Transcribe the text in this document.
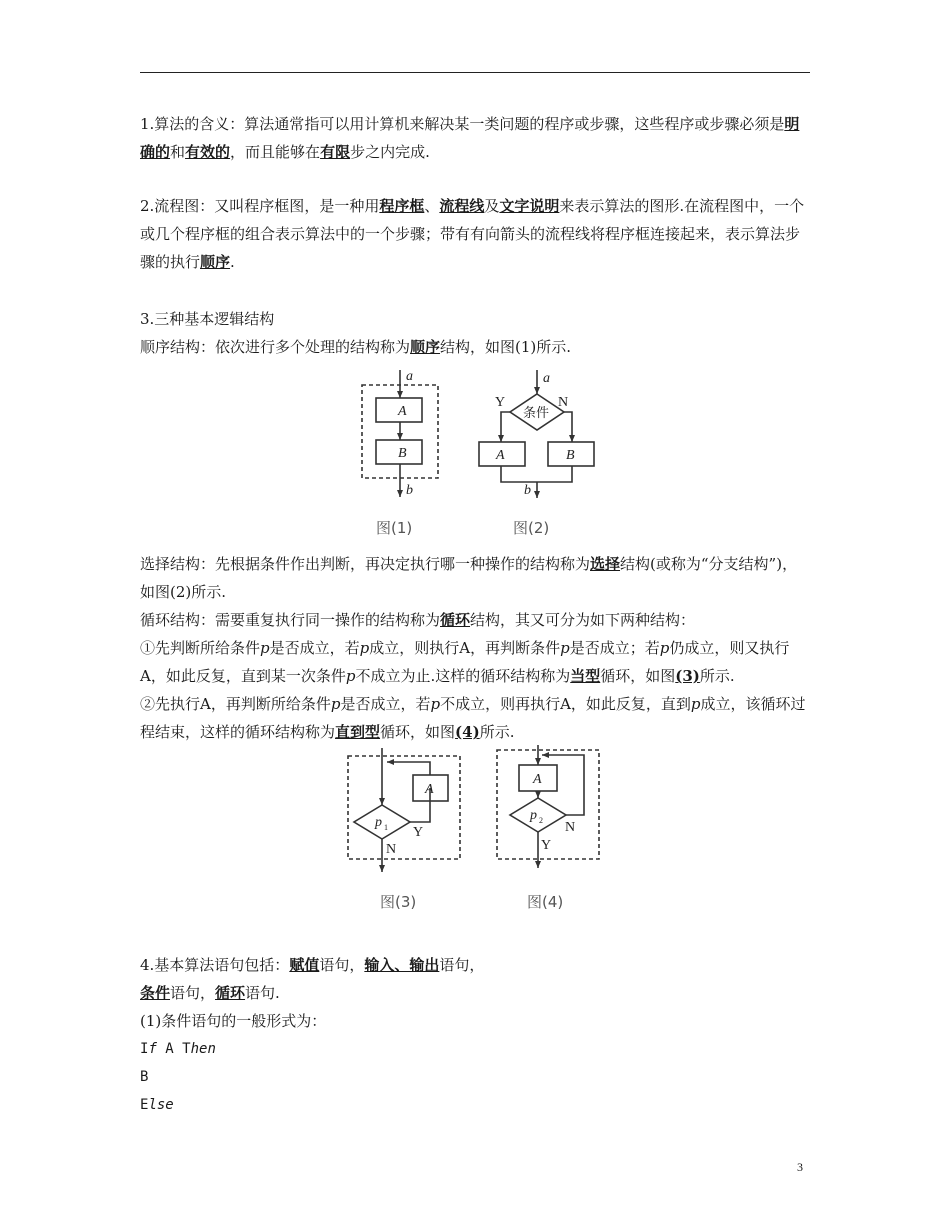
1.算法的含义：算法通常指可以用计算机来解决某一类问题的程序或步骤，这些程序或步骤必须是明确的和有效的，而且能够在有限步之内完成.
2.流程图：又叫程序框图，是一种用程序框、流程线及文字说明来表示算法的图形.在流程图中，一个或几个程序框的组合表示算法中的一个步骤；带有有向箭头的流程线将程序框连接起来，表示算法步骤的执行顺序.
3.三种基本逻辑结构
顺序结构：依次进行多个处理的结构称为顺序结构，如图(1)所示.
a
A
B
b
a
A	B
b
条件
Y	N
图(1)	图(2)
选择结构：先根据条件作出判断，再决定执行哪一种操作的结构称为选择结构(或称为“分支结构”)，如图(2)所示.
循环结构：需要重复执行同一操作的结构称为循环结构，其又可分为如下两种结构：
①先判断所给条件p是否成立，若p成立，则执行A，再判断条件p是否成立；若p仍成立，则又执行A，如此反复，直到某一次条件p不成立为止.这样的循环结构称为当型循环，如图(3)所示.
②先执行A，再判断所给条件p是否成立，若p不成立，则再执行A，如此反复，直到p成立，该循环过程结束，这样的循环结构称为直到型循环，如图(4)所示.
A
p 1 Y
N
A
p 2 N
Y
图(3)	图(4)
4.基本算法语句包括：赋值语句，输入、输出语句，
条件语句，循环语句.
(1)条件语句的一般形式为：
If A Then
B
Else
3
